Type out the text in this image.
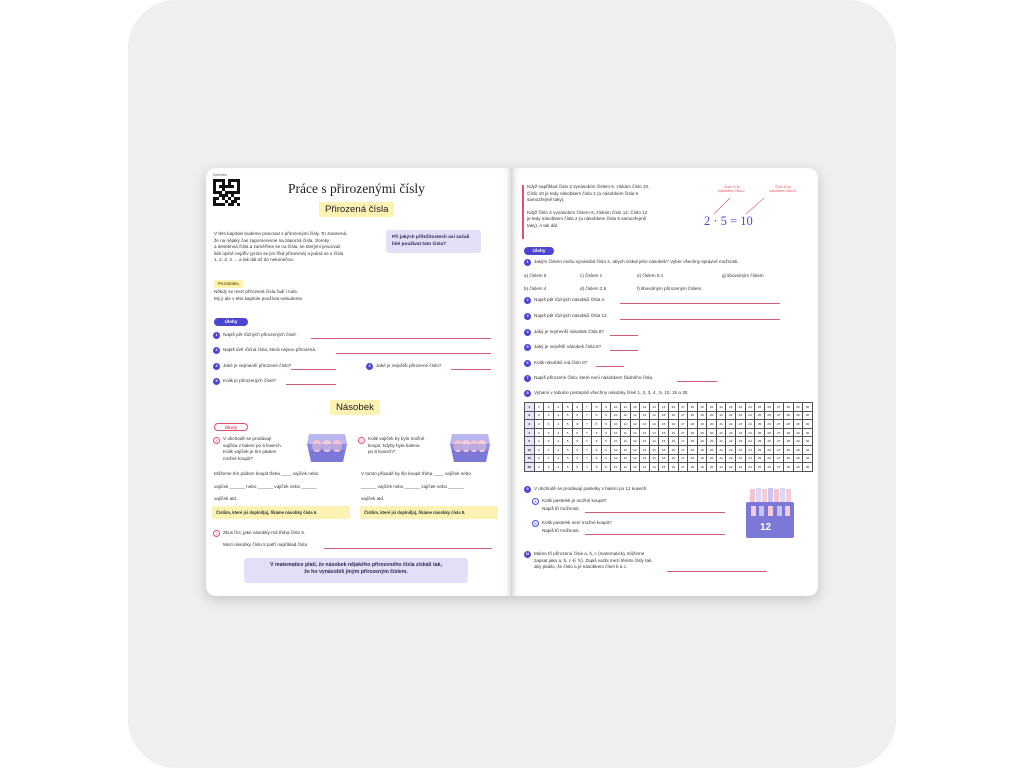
Učebnice
Práce s přirozenými čísly
Přirozená čísla
V této kapitole budeme pracovat s přirozenými čísly. To znamená,
že na nějaký čas zapomeneme na záporná čísla, zlomky
a desetinná čísla a zaměříme se na čísla, se kterými pracovali
lidé úplně nejdřív (proto se jim říká přirozená) a jedná se o čísla
1, 2, 3, 4 … a tak dál až do nekonečna.
Při jakých příležitostech asi začali lidé používat tato čísla?
Poznámka
Někdy se mezi přirozená čísla řadí i nula.
My ji ale v této kapitole používat nebudeme.
Úlohy
1	Napiš pět různých přirozených čísel.
2	Napiš dvě různá čísla, která nejsou přirozená.
3	Jaké je nejmenší přirozené číslo?	4	Jaké je největší přirozené číslo?
5	Kolik je přirozených čísel?
Násobek
Úkoly
1	V obchodě se prodávají
vajíčka v balení po 6 kusech.
Kolik vajíček je tím pádem
možné koupit?
2	Kolik vajíček by bylo možné
koupit, kdyby byla balena
po 8 kusech?
Můžeme tím pádem koupit třeba ____ vajíček nebo
vajíček ______ nebo ______ vajíček nebo ______
vajíček atd.
V tomto případě by šlo koupit třeba ____ vajíček nebo
______ vajíček nebo ______ vajíček nebo ______
vajíček atd.
Číslům, které jsi doplnil(a), říkáme násobky čísla 6.	Číslům, které jsi doplnil(a), říkáme násobky čísla 8.
3	Zkus říct, jaké násobky má třeba číslo 5.
Mezi násobky čísla 5 patří například čísla
V matematice platí, že násobek nějakého přirozeného čísla získáš tak,
že ho vynásobíš jiným přirozeným číslem.
Když například číslo 2 vynásobím číslem 5, získám číslo 10.
Číslo 10 je tedy násobkem čísla 2 (a násobkem čísla 5
samozřejmě taky).
Když číslo 2 vynásobím číslem 6, získám číslo 12. Číslo 12
je tedy násobkem čísla 2 (a násobkem čísla 6 samozřejmě
taky). A tak dál.
Číslo 10 je
násobkem čísla 2.
Číslo 10 je
násobkem čísla 5.
2 · 5 = 10
Úlohy
1	Jakým číslem mohu vynásobit číslo 4, abych získal jeho násobek? Vyber všechny správné možnosti.
a) číslem 5	c) číslem 1	e) číslem 0,1	g) libovolným číslem
b) číslem 4	d) číslem 2,5	f) libovolným přirozeným číslem
2	Napiš pět různých násobků čísla 4.
3	Napiš pět různých násobků čísla 12.
4	Jaký je nejmenší násobek čísla 8?
5	Jaký je největší násobek čísla 8?
6	Kolik násobků má číslo 8?
7	Napiš přirozené číslo, které není násobkem žádného čísla.
8	Vybarvi v tabulce postupně všechny násobky čísel 1, 2, 3, 4 , 5, 10, 15 a 30.
1	2	3	4	5	6	7	8	9	10	11	12	13	14	15	16	17	18	19	20	21	22	23	24	25	26	27	28	29	30
2	2	3	4	5	6	7	8	9	10	11	12	13	14	15	16	17	18	19	20	21	22	23	24	25	26	27	28	29	30
3	2	3	4	5	6	7	8	9	10	11	12	13	14	15	16	17	18	19	20	21	22	23	24	25	26	27	28	29	30
4	2	3	4	5	6	7	8	9	10	11	12	13	14	15	16	17	18	19	20	21	22	23	24	25	26	27	28	29	30
5	2	3	4	5	6	7	8	9	10	11	12	13	14	15	16	17	18	19	20	21	22	23	24	25	26	27	28	29	30
10	2	3	4	5	6	7	8	9	10	11	12	13	14	15	16	17	18	19	20	21	22	23	24	25	26	27	28	29	30
15	2	3	4	5	6	7	8	9	10	11	12	13	14	15	16	17	18	19	20	21	22	23	24	25	26	27	28	29	30
30	2	3	4	5	6	7	8	9	10	11	12	13	14	15	16	17	18	19	20	21	22	23	24	25	26	27	28	29	30
9	V obchodě se prodávají pastelky v balení po 12 kusech.
A	Kolik pastelek je možné koupit?
Napiš tři možnosti.
B	Kolik pastelek není možné koupit?
Napiš tři možnosti.	12
10	Máme tři přirozená čísla a, b, c (matematicky můžeme
zapsat jako a, b, c ∈ ℕ). Zapiš vazbi mezi těmito čísly tak,
aby platilo, že číslo a je násobkem čísel b a c.
